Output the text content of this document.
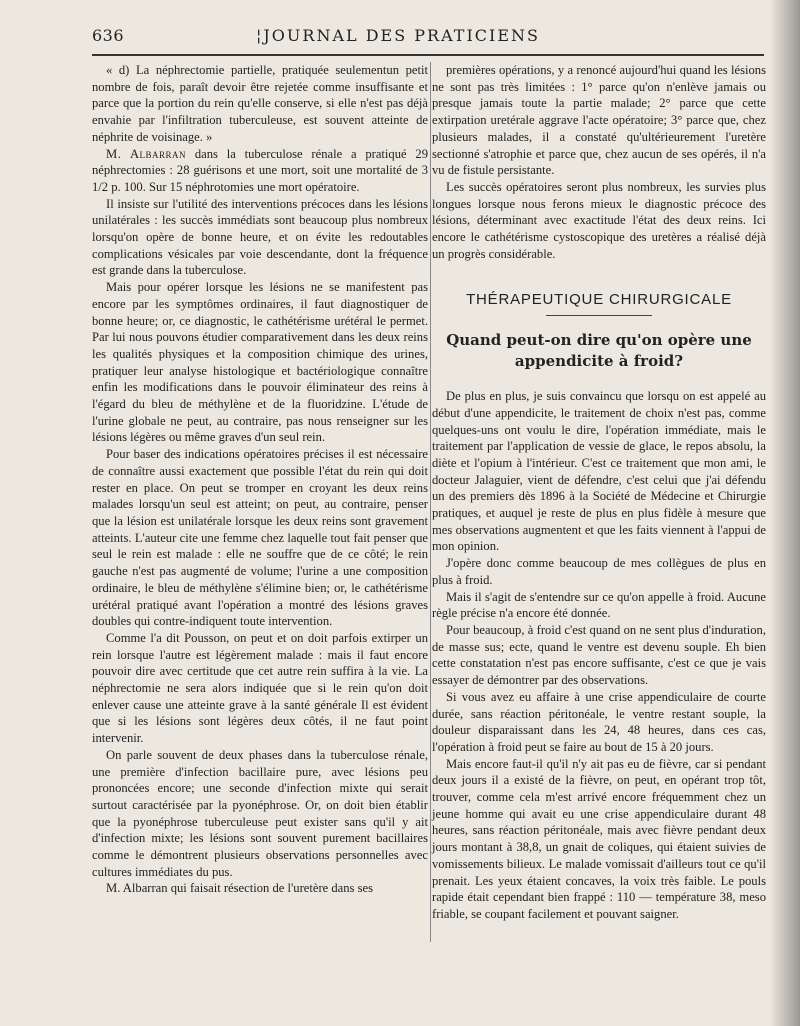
636	¦JOURNAL DES PRATICIENS

« d) La néphrectomie partielle, pratiquée seulementun petit nombre de fois, paraît devoir être rejetée comme insuffisante et parce que la portion du rein qu'elle conserve, si elle n'est pas déjà envahie par l'infiltration tuberculeuse, est souvent atteinte de néphrite de voisinage. »

M. Albarran dans la tuberculose rénale a pratiqué 29 néphrectomies : 28 guérisons et une mort, soit une mortalité de 3 1/2 p. 100. Sur 15 néphrotomies une mort opératoire.

Il insiste sur l'utilité des interventions précoces dans les lésions unilatérales : les succès immédiats sont beaucoup plus nombreux lorsqu'on opère de bonne heure, et on évite les redoutables complications vésicales par voie descendante, dont la fréquence est grande dans la tuberculose.

Mais pour opérer lorsque les lésions ne se manifestent pas encore par les symptômes ordinaires, il faut diagnostiquer de bonne heure; or, ce diagnostic, le cathétérisme urétéral le permet. Par lui nous pouvons étudier comparativement dans les deux reins les qualités physiques et la composition chimique des urines, pratiquer leur analyse histologique et bactériologique connaître enfin les modifications dans le pouvoir éliminateur des reins à l'égard du bleu de méthylène et de la fluoridzine. L'étude de l'urine globale ne peut, au contraire, pas nous renseigner sur les lésions légères ou même graves d'un seul rein.

Pour baser des indications opératoires précises il est nécessaire de connaître aussi exactement que possible l'état du rein qui doit rester en place. On peut se tromper en croyant les deux reins malades lorsqu'un seul est atteint; on peut, au contraire, penser que la lésion est unilatérale lorsque les deux reins sont gravement atteints. L'auteur cite une femme chez laquelle tout fait penser que seul le rein est malade : elle ne souffre que de ce côté; le rein gauche n'est pas augmenté de volume; l'urine a une composition ordinaire, le bleu de méthylène s'élimine bien; or, le cathétérisme urétéral pratiqué avant l'opération a montré des lésions graves doubles qui contre-indiquent toute intervention.

Comme l'a dit Pousson, on peut et on doit parfois extirper un rein lorsque l'autre est légèrement malade : mais il faut encore pouvoir dire avec certitude que cet autre rein suffira à la vie. La néphrectomie ne sera alors indiquée que si le rein qu'on doit enlever cause une atteinte grave à la santé générale Il est évident que si les lésions sont légères deux côtés, il ne faut point intervenir.

On parle souvent de deux phases dans la tuberculose rénale, une première d'infection bacillaire pure, avec lésions peu prononcées encore; une seconde d'infection mixte qui serait surtout caractérisée par la pyonéphrose. Or, on doit bien établir que la pyonéphrose tuberculeuse peut exister sans qu'il y ait d'infection mixte; les lésions sont souvent purement bacillaires comme le démontrent plusieurs observations personnelles avec cultures immédiates du pus.

M. Albarran qui faisait résection de l'uretère dans ses

premières opérations, y a renoncé aujourd'hui quand les lésions ne sont pas très limitées : 1° parce qu'on n'enlève jamais ou presque jamais toute la partie malade; 2° parce que cette extirpation uretérale aggrave l'acte opératoire; 3° parce que, chez plusieurs malades, il a constaté qu'ultérieurement l'uretère sectionné s'atrophie et parce que, chez aucun de ses opérés, il n'a vu de fistule persistante.

Les succès opératoires seront plus nombreux, les survies plus longues lorsque nous ferons mieux le diagnostic précoce des lésions, déterminant avec exactitude l'état des deux reins. Ici encore le cathétérisme cystoscopique des uretères a réalisé déjà un progrès considérable.

THÉRAPEUTIQUE CHIRURGICALE

Quand peut-on dire qu'on opère une appendicite à froid?

De plus en plus, je suis convaincu que lorsqu on est appelé au début d'une appendicite, le traitement de choix n'est pas, comme quelques-uns ont voulu le dire, l'opération immédiate, mais le traitement par l'application de vessie de glace, le repos absolu, la diète et l'opium à l'intérieur. C'est ce traitement que mon ami, le docteur Jalaguier, vient de défendre, c'est celui que j'ai défendu un des premiers dès 1896 à la Société de Médecine et Chirurgie pratiques, et auquel je reste de plus en plus fidèle à mesure que mes observations augmentent et que les faits viennent à l'appui de mon opinion.

J'opère donc comme beaucoup de mes collègues de plus en plus à froid.

Mais il s'agit de s'entendre sur ce qu'on appelle à froid. Aucune règle précise n'a encore été donnée.

Pour beaucoup, à froid c'est quand on ne sent plus d'induration, de masse sus; ecte, quand le ventre est devenu souple. Eh bien cette constatation n'est pas encore suffisante, c'est ce que je vais essayer de démontrer par des observations.

Si vous avez eu affaire à une crise appendiculaire de courte durée, sans réaction péritonéale, le ventre restant souple, la douleur disparaissant dans les 24, 48 heures, dans ces cas, l'opération à froid peut se faire au bout de 15 à 20 jours.

Mais encore faut-il qu'il n'y ait pas eu de fièvre, car si pendant deux jours il a existé de la fièvre, on peut, en opérant trop tôt, trouver, comme cela m'est arrivé encore fréquemment chez un jeune homme qui avait eu une crise appendiculaire durant 48 heures, sans réaction péritonéale, mais avec fièvre pendant deux jours montant à 38,8, un gnait de coliques, qui étaient suivies de vomissements bilieux. Le malade vomissait d'ailleurs tout ce qu'il prenait. Les yeux étaient concaves, la voix très faible. Le pouls rapide était cependant bien frappé : 110 — température 38, meso friable, se coupant facilement et pouvant saigner.
